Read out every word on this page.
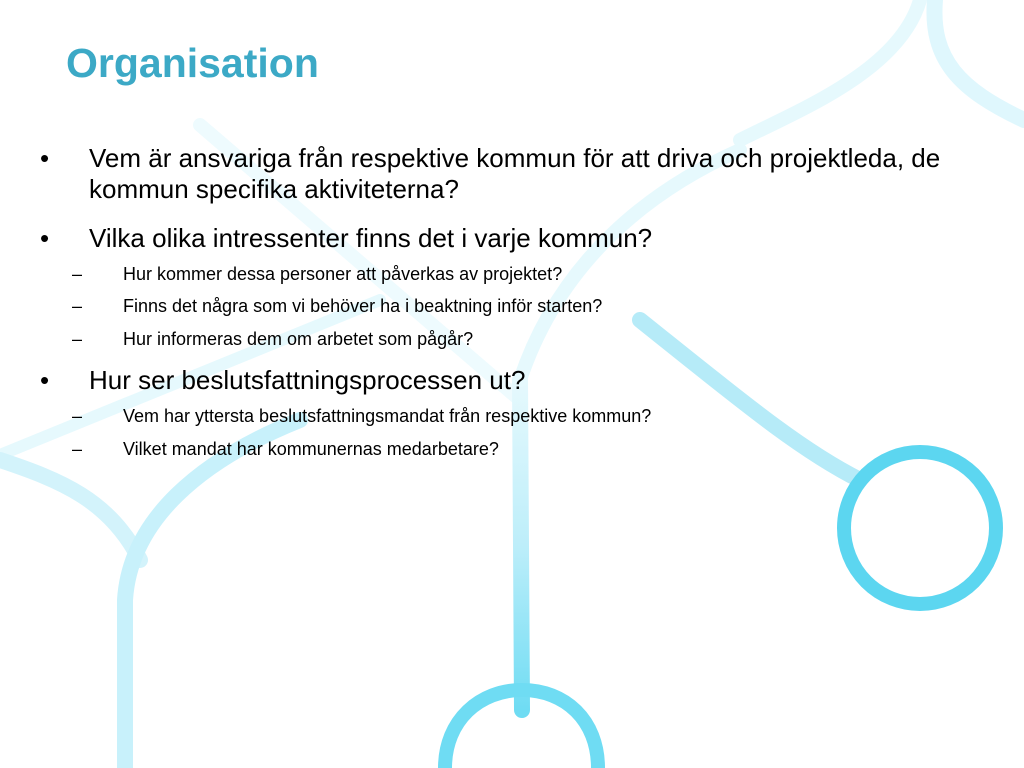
Organisation
• Vem är ansvariga från respektive kommun för att driva och projektleda, de kommun specifika aktiviteterna?
• Vilka olika intressenter finns det i varje kommun?
– Hur kommer dessa personer att påverkas av projektet?
– Finns det några som vi behöver ha i beaktning inför starten?
– Hur informeras dem om arbetet som pågår?
• Hur ser beslutsfattningsprocessen ut?
– Vem har yttersta beslutsfattningsmandat från respektive kommun?
– Vilket mandat har kommunernas medarbetare?
